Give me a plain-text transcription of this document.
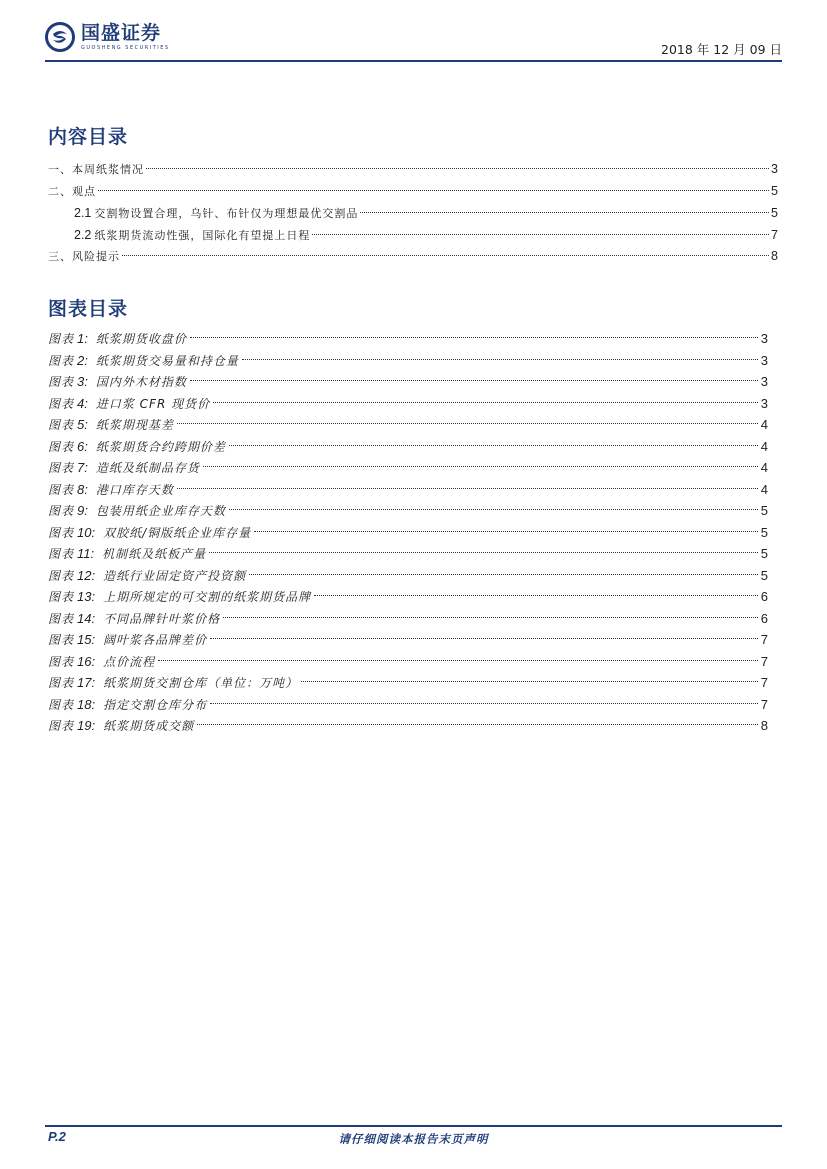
国盛证券
GUOSHENG SECURITIES	2018 年 12 月 09 日
内容目录
一、本周纸浆情况	3
二、观点	5
2.1 交割物设置合理，乌针、布针仅为理想最优交割品	5
2.2 纸浆期货流动性强，国际化有望提上日程	7
三、风险提示	8
图表目录
图表 1: 纸浆期货收盘价	3
图表 2: 纸浆期货交易量和持仓量	3
图表 3: 国内外木材指数	3
图表 4: 进口浆 CFR 现货价	3
图表 5: 纸浆期现基差	4
图表 6: 纸浆期货合约跨期价差	4
图表 7: 造纸及纸制品存货	4
图表 8: 港口库存天数	4
图表 9: 包装用纸企业库存天数	5
图表 10: 双胶纸/铜版纸企业库存量	5
图表 11: 机制纸及纸板产量	5
图表 12: 造纸行业固定资产投资额	5
图表 13: 上期所规定的可交割的纸浆期货品牌	6
图表 14: 不同品牌针叶浆价格	6
图表 15: 阔叶浆各品牌差价	7
图表 16: 点价流程	7
图表 17: 纸浆期货交割仓库（单位：万吨）	7
图表 18: 指定交割仓库分布	7
图表 19: 纸浆期货成交额	8
P.2	请仔细阅读本报告末页声明
